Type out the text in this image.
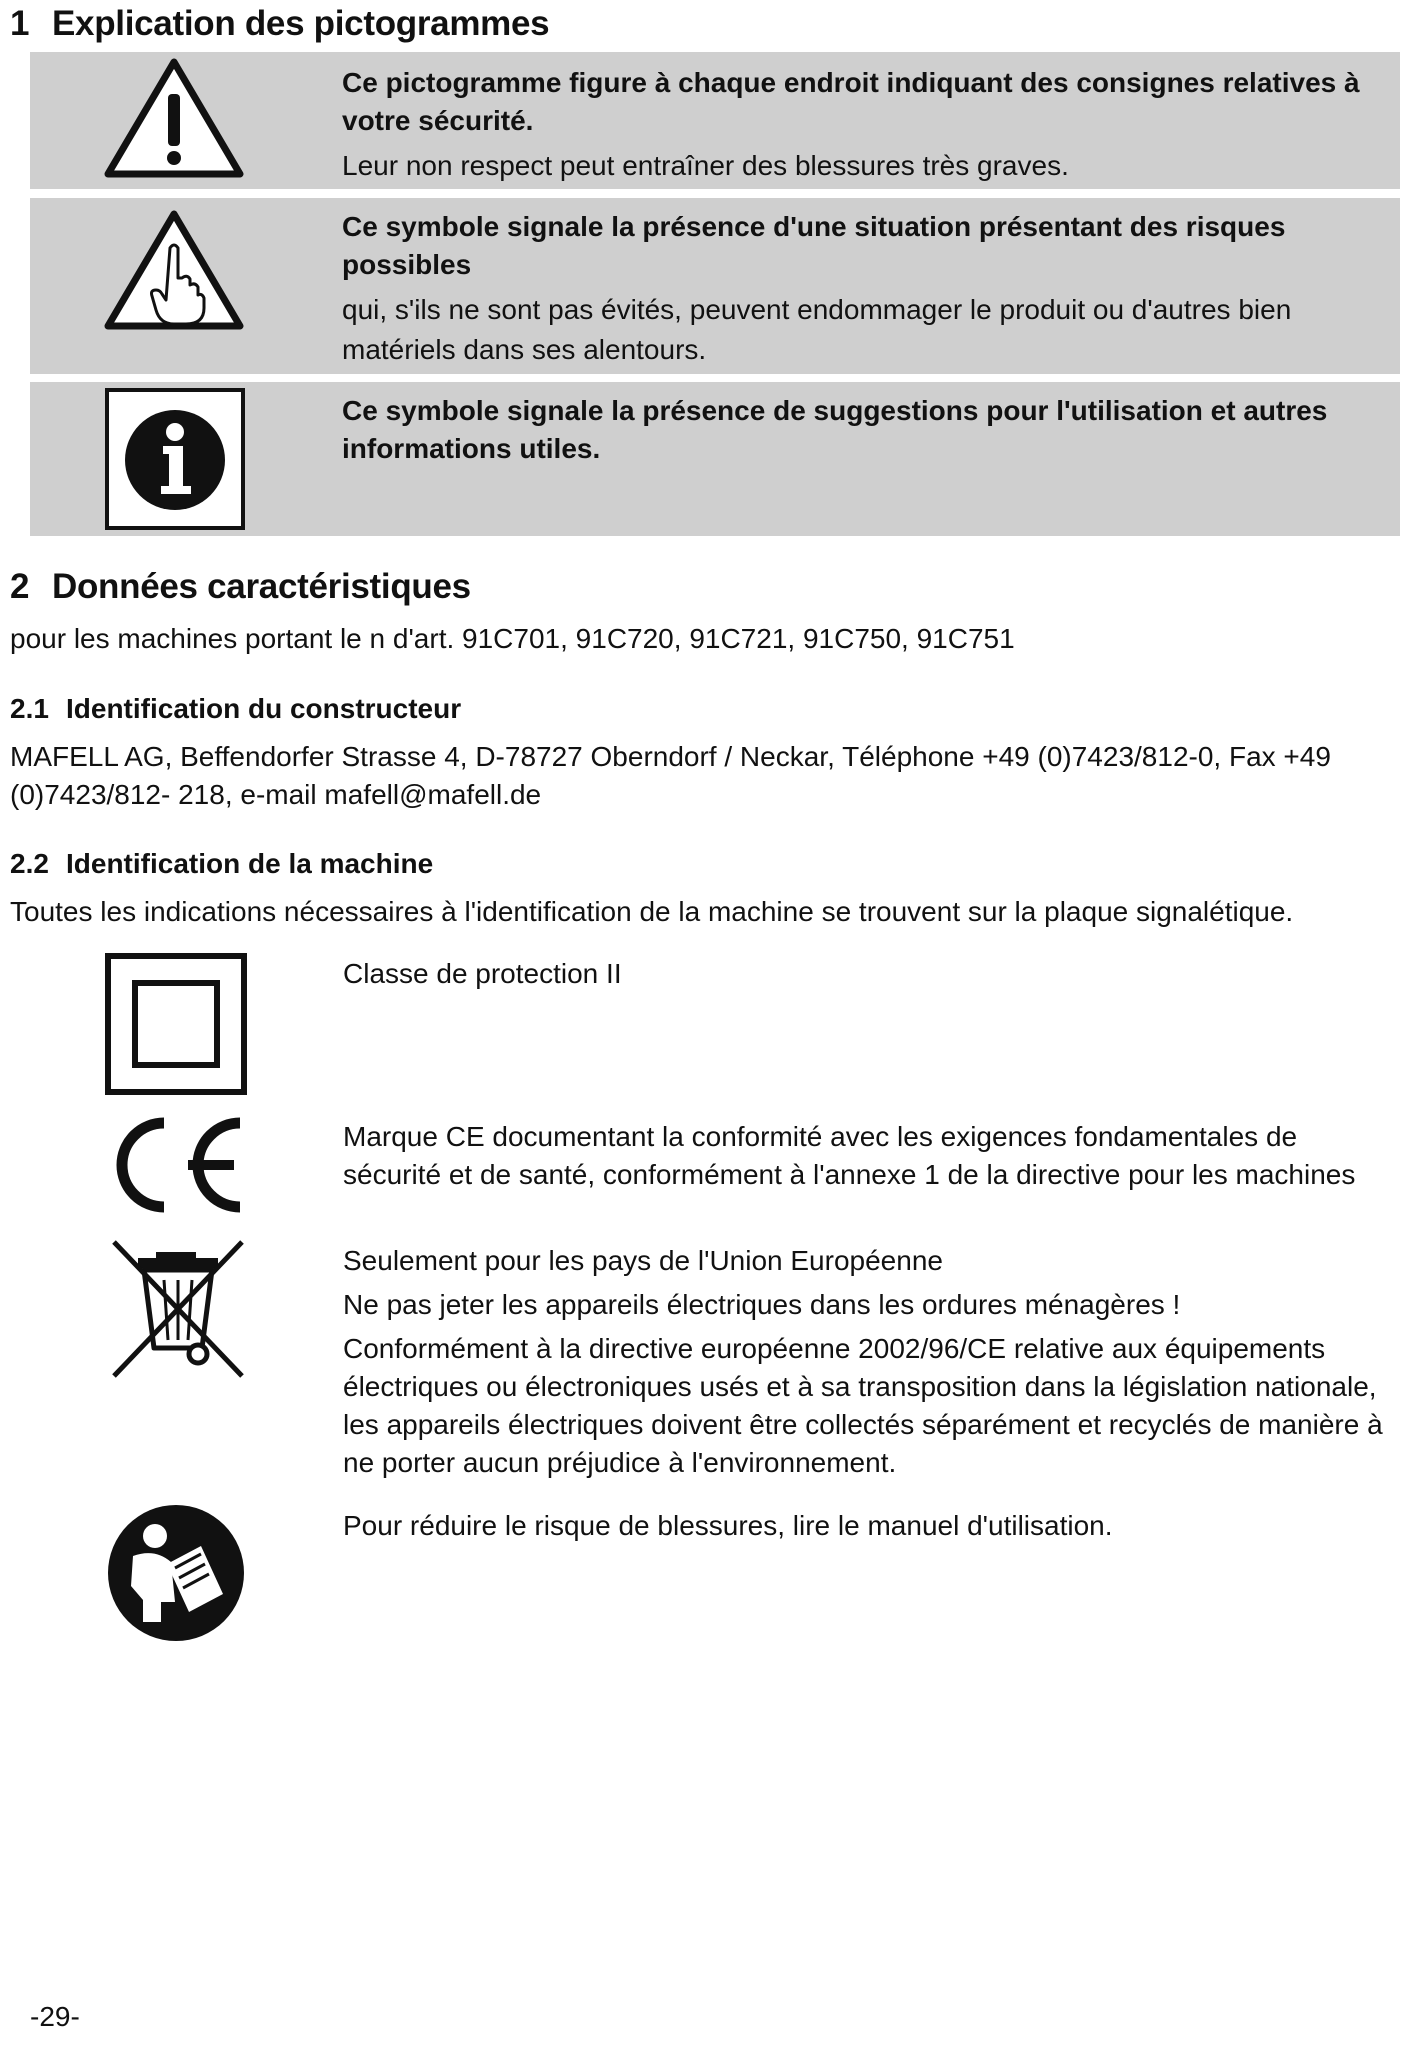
1 Explication des pictogrammes

Ce pictogramme figure à chaque endroit indiquant des consignes relatives à votre sécurité.

Leur non respect peut entraîner des blessures très graves.

Ce symbole signale la présence d'une situation présentant des risques possibles

qui, s'ils ne sont pas évités, peuvent endommager le produit ou d'autres bien matériels dans ses alentours.

Ce symbole signale la présence de suggestions pour l'utilisation et autres informations utiles.

2 Données caractéristiques

pour les machines portant le n d'art. 91C701, 91C720, 91C721, 91C750, 91C751

2.1 Identification du constructeur

MAFELL AG, Beffendorfer Strasse 4, D-78727 Oberndorf / Neckar, Téléphone +49 (0)7423/812-0, Fax +49 (0)7423/812- 218, e-mail mafell@mafell.de

2.2 Identification de la machine

Toutes les indications nécessaires à l'identification de la machine se trouvent sur la plaque signalétique.

Classe de protection II

Marque CE documentant la conformité avec les exigences fondamentales de sécurité et de santé, conformément à l'annexe 1 de la directive pour les machines

Seulement pour les pays de l'Union Européenne

Ne pas jeter les appareils électriques dans les ordures ménagères !

Conformément à la directive européenne 2002/96/CE relative aux équipements électriques ou électroniques usés et à sa transposition dans la législation nationale, les appareils électriques doivent être collectés séparément et recyclés de manière à ne porter aucun préjudice à l'environnement.

Pour réduire le risque de blessures, lire le manuel d'utilisation.

-29-
